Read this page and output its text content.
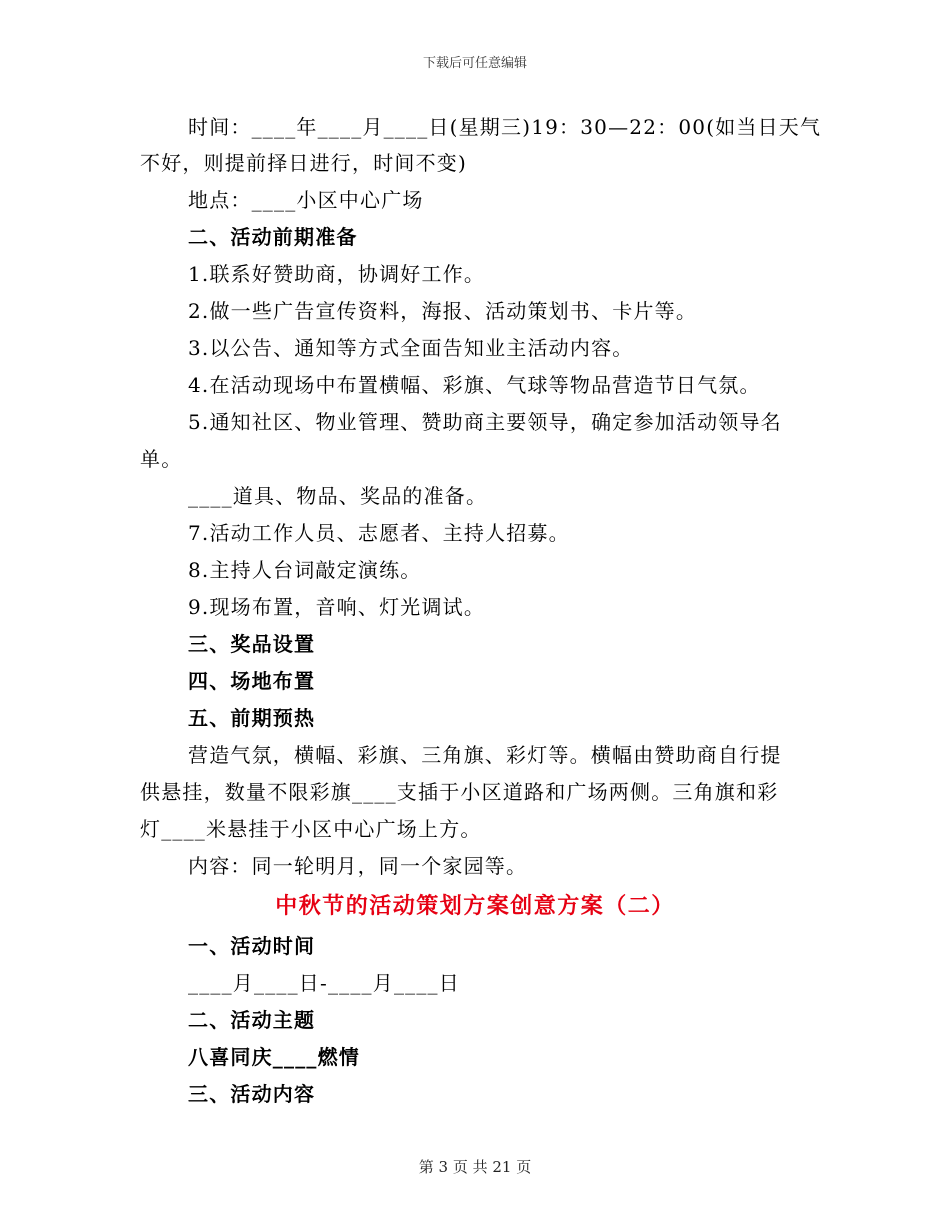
下载后可任意编辑
时间：____年____月____日(星期三)19：30—22：00(如当日天气
不好，则提前择日进行，时间不变)
地点：____小区中心广场
二、活动前期准备
1.联系好赞助商，协调好工作。
2.做一些广告宣传资料，海报、活动策划书、卡片等。
3.以公告、通知等方式全面告知业主活动内容。
4.在活动现场中布置横幅、彩旗、气球等物品营造节日气氛。
5.通知社区、物业管理、赞助商主要领导，确定参加活动领导名
单。
____道具、物品、奖品的准备。
7.活动工作人员、志愿者、主持人招募。
8.主持人台词敲定演练。
9.现场布置，音响、灯光调试。
三、奖品设置
四、场地布置
五、前期预热
营造气氛，横幅、彩旗、三角旗、彩灯等。横幅由赞助商自行提
供悬挂，数量不限彩旗____支插于小区道路和广场两侧。三角旗和彩
灯____米悬挂于小区中心广场上方。
内容：同一轮明月，同一个家园等。
中秋节的活动策划方案创意方案（二）
一、活动时间
____月____日-____月____日
二、活动主题
八喜同庆____燃情
三、活动内容
第 3 页 共 21 页
